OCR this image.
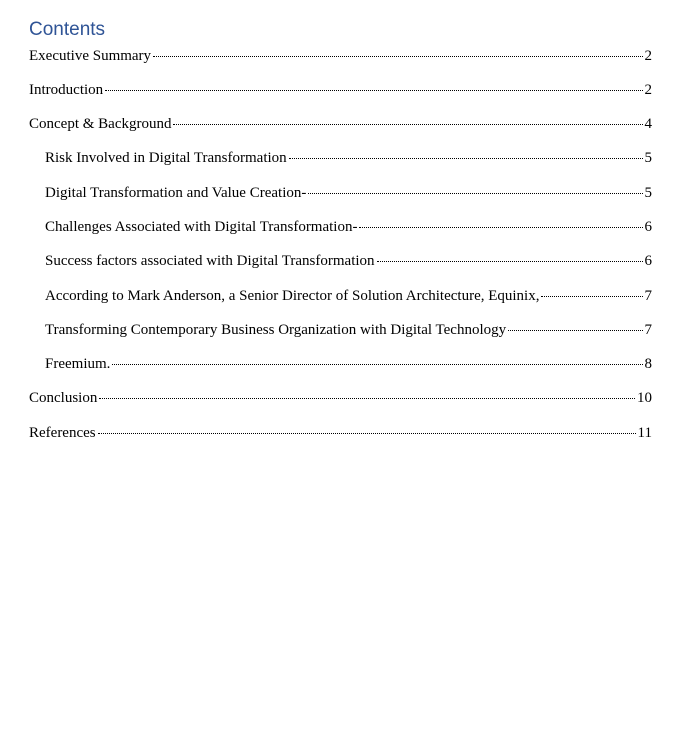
Contents
Executive Summary	2
Introduction	2
Concept & Background	4
Risk Involved in Digital Transformation	5
Digital Transformation and Value Creation-	5
Challenges Associated with Digital Transformation-	6
Success factors associated with Digital Transformation	6
According to Mark Anderson, a Senior Director of Solution Architecture, Equinix,	7
Transforming Contemporary Business Organization with Digital Technology	7
Freemium.	8
Conclusion	10
References	11
